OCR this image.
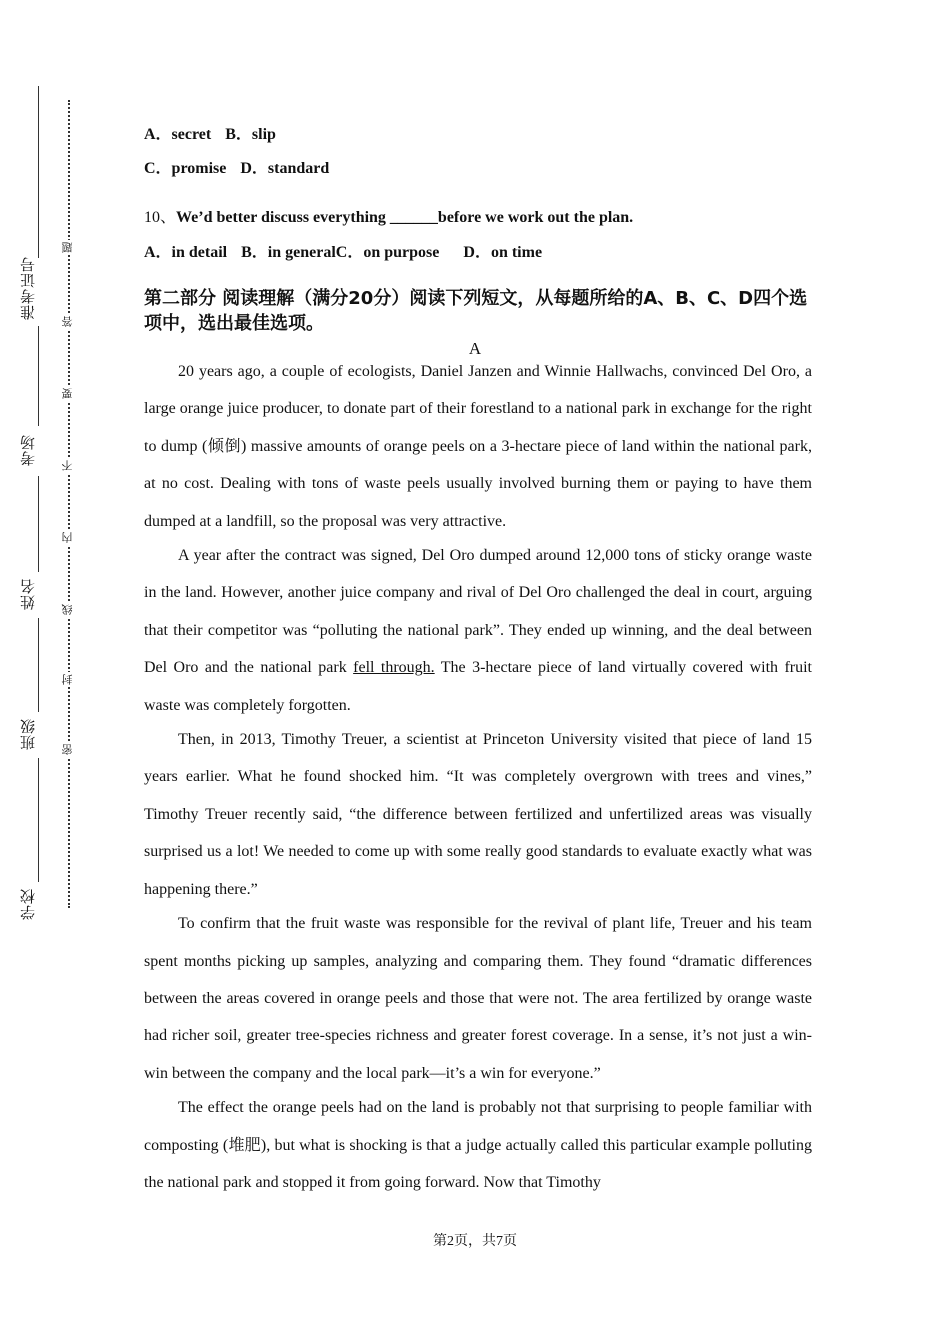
准考证号
考场
姓名
班级
学校
密
封
线
内
不
要
答
题
A．secret B．slip
C．promise D．standard
10、We’d better discuss everything ______before we work out the plan.
A．in detail B．in generalC．on purpose D．on time
第二部分 阅读理解（满分20分）阅读下列短文，从每题所给的A、B、C、D四个选项中，选出最佳选项。
A

20 years ago, a couple of ecologists, Daniel Janzen and Winnie Hallwachs, convinced Del Oro, a large orange juice producer, to donate part of their forestland to a national park in exchange for the right to dump (倾倒) massive amounts of orange peels on a 3-hectare piece of land within the national park, at no cost. Dealing with tons of waste peels usually involved burning them or paying to have them dumped at a landfill, so the proposal was very attractive.

A year after the contract was signed, Del Oro dumped around 12,000 tons of sticky orange waste in the land. However, another juice company and rival of Del Oro challenged the deal in court, arguing that their competitor was “polluting the national park”. They ended up winning, and the deal between Del Oro and the national park fell through. The 3-hectare piece of land virtually covered with fruit waste was completely forgotten.

Then, in 2013, Timothy Treuer, a scientist at Princeton University visited that piece of land 15 years earlier. What he found shocked him. “It was completely overgrown with trees and vines,” Timothy Treuer recently said, “the difference between fertilized and unfertilized areas was visually surprised us a lot! We needed to come up with some really good standards to evaluate exactly what was happening there.”

To confirm that the fruit waste was responsible for the revival of plant life, Treuer and his team spent months picking up samples, analyzing and comparing them. They found “dramatic differences between the areas covered in orange peels and those that were not. The area fertilized by orange waste had richer soil, greater tree-species richness and greater forest coverage. In a sense, it’s not just a win-win between the company and the local park—it’s a win for everyone.”

The effect the orange peels had on the land is probably not that surprising to people familiar with composting (堆肥), but what is shocking is that a judge actually called this particular example polluting the national park and stopped it from going forward. Now that Timothy

第2页，共7页
